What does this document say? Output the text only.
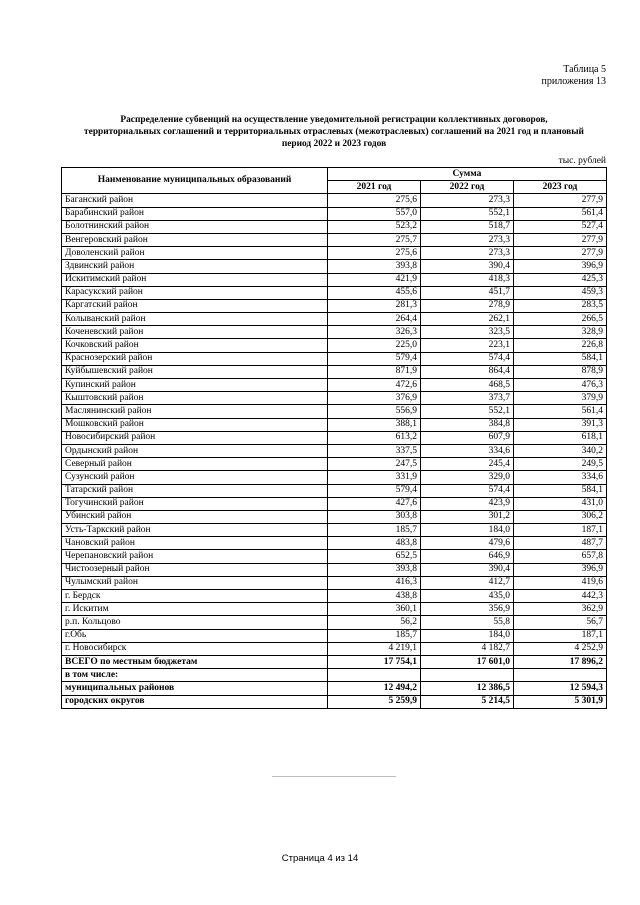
Таблица 5
приложения 13
Распределение субвенций на осуществление уведомительной регистрации коллективных договоров,
территориальных соглашений и территориальных отраслевых (межотраслевых) соглашений на 2021 год и плановый
период 2022 и 2023 годов
тыс. рублей
Наименование муниципальных образований	Сумма		
	2021 год	2022 год	2023 год
Баганский район	275,6	273,3	277,9
Барабинский район	557,0	552,1	561,4
Болотнинский район	523,2	518,7	527,4
Венгеровский район	275,7	273,3	277,9
Доволенский район	275,6	273,3	277,9
Здвинский район	393,8	390,4	396,9
Искитимский район	421,9	418,3	425,3
Карасукский район	455,6	451,7	459,3
Каргатский район	281,3	278,9	283,5
Колыванский район	264,4	262,1	266,5
Коченевский район	326,3	323,5	328,9
Кочковский район	225,0	223,1	226,8
Краснозерский район	579,4	574,4	584,1
Куйбышевский район	871,9	864,4	878,9
Купинский район	472,6	468,5	476,3
Кыштовский район	376,9	373,7	379,9
Маслянинский район	556,9	552,1	561,4
Мошковский район	388,1	384,8	391,3
Новосибирский район	613,2	607,9	618,1
Ордынский район	337,5	334,6	340,2
Северный район	247,5	245,4	249,5
Сузунский район	331,9	329,0	334,6
Татарский район	579,4	574,4	584,1
Тогучинский район	427,6	423,9	431,0
Убинский район	303,8	301,2	306,2
Усть-Таркский район	185,7	184,0	187,1
Чановский район	483,8	479,6	487,7
Черепановский район	652,5	646,9	657,8
Чистоозерный район	393,8	390,4	396,9
Чулымский район	416,3	412,7	419,6
г. Бердск	438,8	435,0	442,3
г. Искитим	360,1	356,9	362,9
р.п. Кольцово	56,2	55,8	56,7
г.Обь	185,7	184,0	187,1
г. Новосибирск	4 219,1	4 182,7	4 252,9
ВСЕГО по местным бюджетам	17 754,1	17 601,0	17 896,2
в том числе:			
муниципальных районов	12 494,2	12 386,5	12 594,3
городских округов	5 259,9	5 214,5	5 301,9
Страница 4 из 14
